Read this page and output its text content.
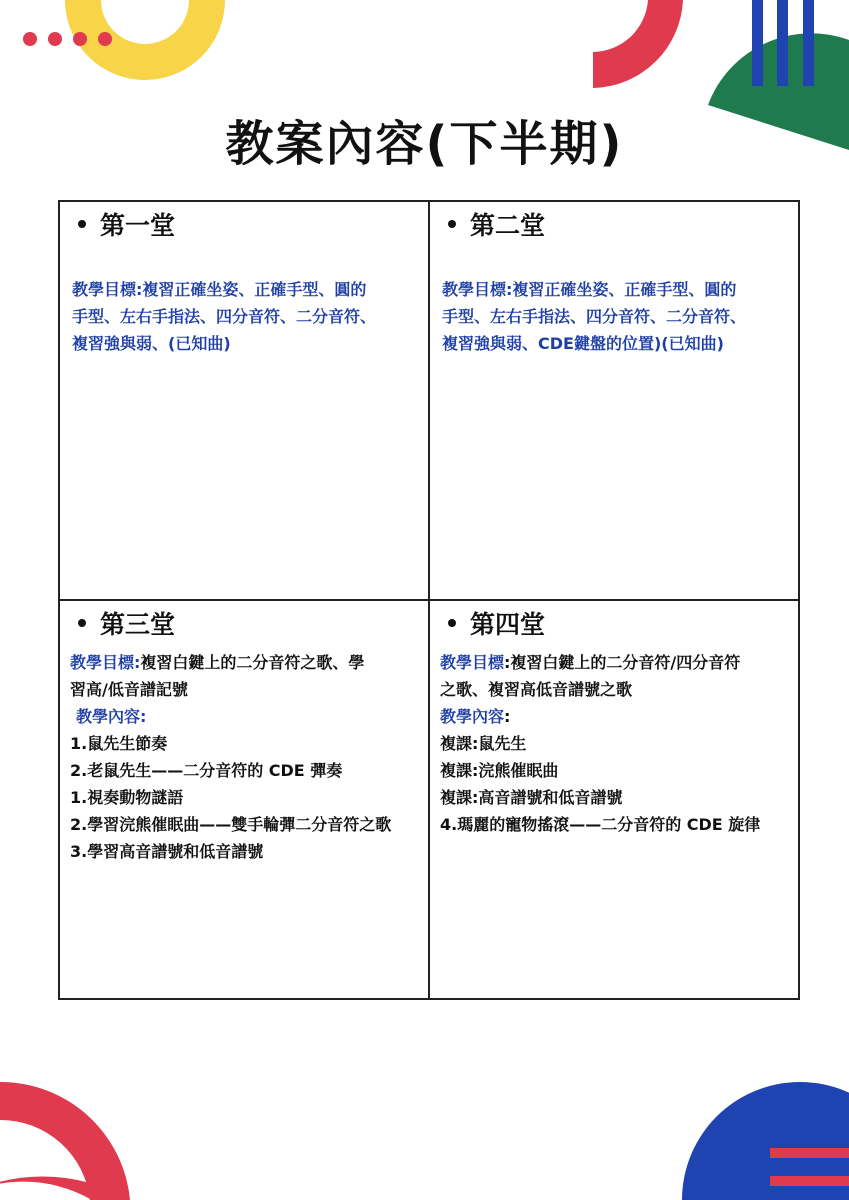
教案內容(下半期)
第一堂
教學目標:複習正確坐姿、正確手型、圓的
手型、左右手指法、四分音符、二分音符、
複習強與弱、(已知曲)
第二堂
教學目標:複習正確坐姿、正確手型、圓的
手型、左右手指法、四分音符、二分音符、
複習強與弱、CDE鍵盤的位置)(已知曲)
第三堂
教學目標:複習白鍵上的二分音符之歌、學
習高/低音譜記號
教學內容:
1.鼠先生節奏
2.老鼠先生——二分音符的 CDE 彈奏
1.視奏動物謎語
2.學習浣熊催眠曲——雙手輪彈二分音符之歌
3.學習高音譜號和低音譜號
第四堂
教學目標:複習白鍵上的二分音符/四分音符
之歌、複習高低音譜號之歌
教學內容:
複課:鼠先生
複課:浣熊催眠曲
複課:高音譜號和低音譜號
4.瑪麗的寵物搖滾——二分音符的 CDE 旋律
